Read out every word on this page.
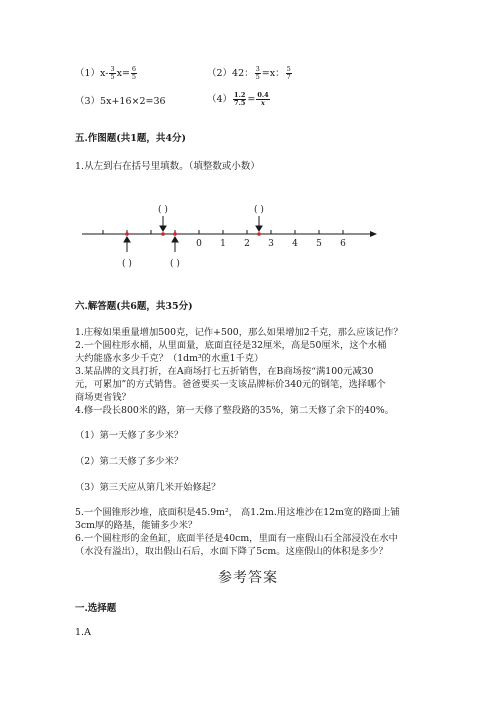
$(1)x- \frac{3}{5} x= \frac{6}{5}$	（2）42： $\frac{3}{5} =x$： $\frac{5}{7}$
（3）5x+16×2=36	$(4) \frac{1.2}{7.5} = \frac{0.4}{x}$
五.作图题(共1题，共4分)
1.从左到右在括号里填数。（填整数或小数）
0 1 2 3 4 5 6
( )	( )
( )	( )
六.解答题(共6题，共35分)
1.庄稼如果重量增加500克，记作+500，那么如果增加2千克，那么应该记作？
2.一个圆柱形水桶，从里面量，底面直径是32厘米，高是50厘米，这个水桶
大约能盛水多少千克？（1dm³的水重1千克）
3.某品牌的文具打折，在A商场打七五折销售，在B商场按“满100元减30
元，可累加”的方式销售。爸爸要买一支该品牌标价340元的钢笔，选择哪个
商场更省钱？
4.修一段长800米的路，第一天修了整段路的35%，第二天修了余下的40%。
（1）第一天修了多少米？
（2）第二天修了多少米？
（3）第三天应从第几米开始修起？
5.一个圆锥形沙堆，底面积是45.9m²， 高1.2m.用这堆沙在12m宽的路面上铺
3cm厚的路基，能铺多少米？
6.一个圆柱形的金鱼缸，底面半径是40cm，里面有一座假山石全部浸没在水中
（水没有溢出），取出假山石后，水面下降了5cm。这座假山的体积是多少？
参考答案
一.选择题
1.A
